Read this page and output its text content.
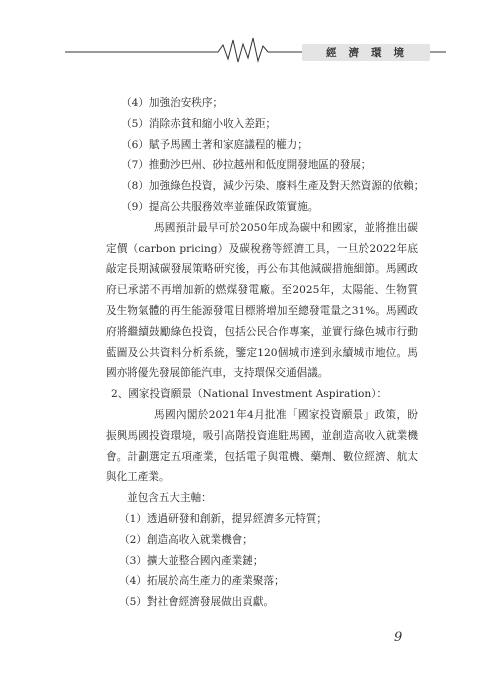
經濟環境

（4）加強治安秩序；

（5）消除赤貧和縮小收入差距；

（6）賦予馬國土著和家庭議程的權力；

（7）推動沙巴州、砂拉越州和低度開發地區的發展；

（8）加強綠色投資，減少污染、廢料生產及對天然資源的依賴；

（9）提高公共服務效率並確保政策實施。

馬國預計最早可於2050年成為碳中和國家，並將推出碳定價（carbon pricing）及碳稅務等經濟工具，一旦於2022年底敲定長期減碳發展策略研究後，再公布其他減碳措施細節。馬國政府已承諾不再增加新的燃煤發電廠。至2025年，太陽能、生物質及生物氣體的再生能源發電目標將增加至總發電量之31%。馬國政府將繼續鼓勵綠色投資，包括公民合作專案，並實行綠色城市行動藍圖及公共資料分析系統，鑒定120個城市達到永續城市地位。馬國亦將優先發展節能汽車，支持環保交通倡議。

2、國家投資願景（National Investment Aspiration）：

馬國內閣於2021年4月批准「國家投資願景」政策，盼振興馬國投資環境，吸引高階投資進駐馬國，並創造高收入就業機會。計劃選定五項產業，包括電子與電機、藥劑、數位經濟、航太與化工產業。

並包含五大主軸：

（1）透過研發和創新，提昇經濟多元特質；

（2）創造高收入就業機會；

（3）擴大並整合國內產業鏈；

（4）拓展於高生產力的產業聚落；

（5）對社會經濟發展做出貢獻。

9
